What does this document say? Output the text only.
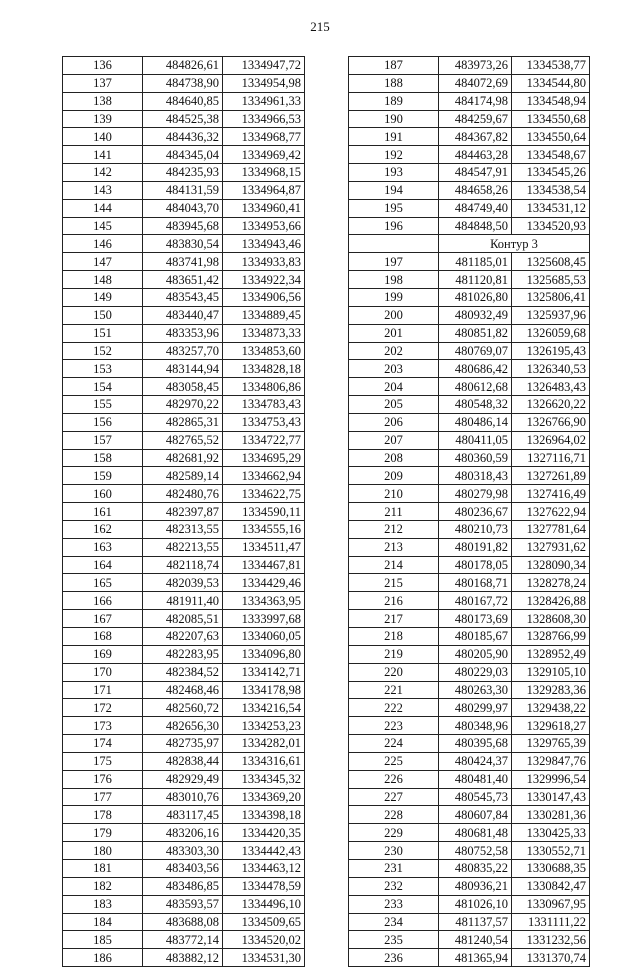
215
136	484826,61	1334947,72
137	484738,90	1334954,98
138	484640,85	1334961,33
139	484525,38	1334966,53
140	484436,32	1334968,77
141	484345,04	1334969,42
142	484235,93	1334968,15
143	484131,59	1334964,87
144	484043,70	1334960,41
145	483945,68	1334953,66
146	483830,54	1334943,46
147	483741,98	1334933,83
148	483651,42	1334922,34
149	483543,45	1334906,56
150	483440,47	1334889,45
151	483353,96	1334873,33
152	483257,70	1334853,60
153	483144,94	1334828,18
154	483058,45	1334806,86
155	482970,22	1334783,43
156	482865,31	1334753,43
157	482765,52	1334722,77
158	482681,92	1334695,29
159	482589,14	1334662,94
160	482480,76	1334622,75
161	482397,87	1334590,11
162	482313,55	1334555,16
163	482213,55	1334511,47
164	482118,74	1334467,81
165	482039,53	1334429,46
166	481911,40	1334363,95
167	482085,51	1333997,68
168	482207,63	1334060,05
169	482283,95	1334096,80
170	482384,52	1334142,71
171	482468,46	1334178,98
172	482560,72	1334216,54
173	482656,30	1334253,23
174	482735,97	1334282,01
175	482838,44	1334316,61
176	482929,49	1334345,32
177	483010,76	1334369,20
178	483117,45	1334398,18
179	483206,16	1334420,35
180	483303,30	1334442,43
181	483403,56	1334463,12
182	483486,85	1334478,59
183	483593,57	1334496,10
184	483688,08	1334509,65
185	483772,14	1334520,02
186	483882,12	1334531,30
187	483973,26	1334538,77
188	484072,69	1334544,80
189	484174,98	1334548,94
190	484259,67	1334550,68
191	484367,82	1334550,64
192	484463,28	1334548,67
193	484547,91	1334545,26
194	484658,26	1334538,54
195	484749,40	1334531,12
196	484848,50	1334520,93
	Контур 3	
197	481185,01	1325608,45
198	481120,81	1325685,53
199	481026,80	1325806,41
200	480932,49	1325937,96
201	480851,82	1326059,68
202	480769,07	1326195,43
203	480686,42	1326340,53
204	480612,68	1326483,43
205	480548,32	1326620,22
206	480486,14	1326766,90
207	480411,05	1326964,02
208	480360,59	1327116,71
209	480318,43	1327261,89
210	480279,98	1327416,49
211	480236,67	1327622,94
212	480210,73	1327781,64
213	480191,82	1327931,62
214	480178,05	1328090,34
215	480168,71	1328278,24
216	480167,72	1328426,88
217	480173,69	1328608,30
218	480185,67	1328766,99
219	480205,90	1328952,49
220	480229,03	1329105,10
221	480263,30	1329283,36
222	480299,97	1329438,22
223	480348,96	1329618,27
224	480395,68	1329765,39
225	480424,37	1329847,76
226	480481,40	1329996,54
227	480545,73	1330147,43
228	480607,84	1330281,36
229	480681,48	1330425,33
230	480752,58	1330552,71
231	480835,22	1330688,35
232	480936,21	1330842,47
233	481026,10	1330967,95
234	481137,57	1331111,22
235	481240,54	1331232,56
236	481365,94	1331370,74
